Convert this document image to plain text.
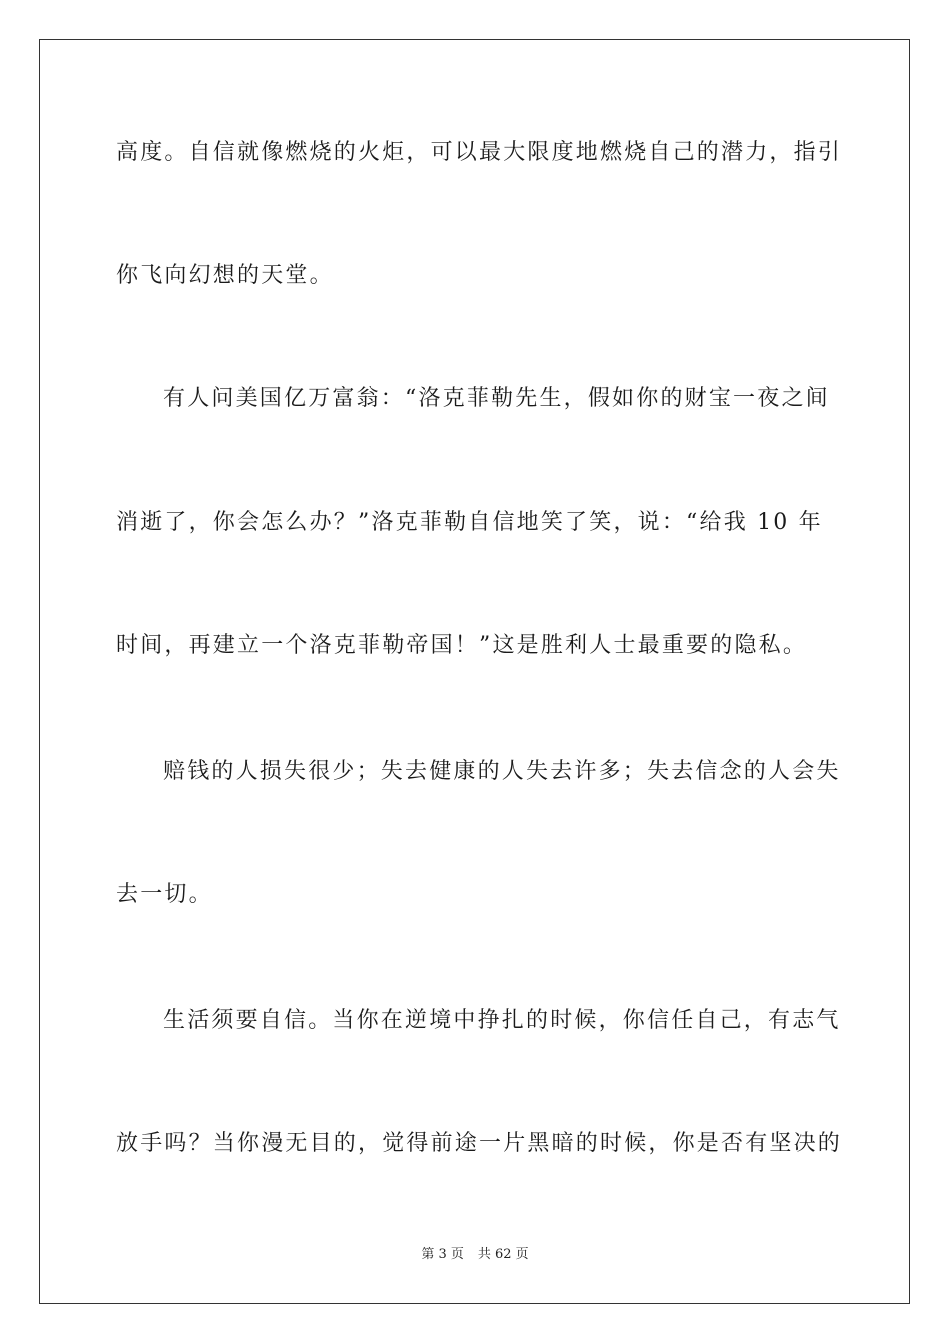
高度。自信就像燃烧的火炬，可以最大限度地燃烧自己的潜力，指引
你飞向幻想的天堂。
有人问美国亿万富翁：“洛克菲勒先生，假如你的财宝一夜之间
消逝了，你会怎么办？”洛克菲勒自信地笑了笑，说：“给我 10 年
时间，再建立一个洛克菲勒帝国！”这是胜利人士最重要的隐私。
赔钱的人损失很少；失去健康的人失去许多；失去信念的人会失
去一切。
生活须要自信。当你在逆境中挣扎的时候，你信任自己，有志气
放手吗？当你漫无目的，觉得前途一片黑暗的时候，你是否有坚决的
第 3 页 共 62 页
